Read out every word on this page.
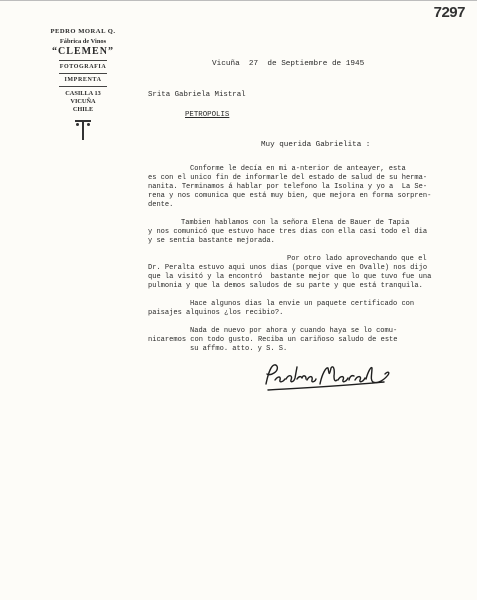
7297
PEDRO MORAL Q.
Fábrica de Vinos
“CLEMEN”
FOTOGRAFIA
IMPRENTA
CASILLA 13
VICUÑA
CHILE
Vicuña  27  de Septiembre de 1945
Srita Gabriela Mistral
PETROPOLIS
Muy querida Gabrielita :
Conforme le decía en mi a-nterior de anteayer, esta
es con el unico fin de informarle del estado de salud de su herma-
nanita. Terminamos á hablar por telefono la Isolina y yo a  La Se-
rena y nos comunica que está muy bien, que mejora en forma sorpren-
dente.
Tambien hablamos con la señora Elena de Bauer de Tapia
y nos comunicó que estuvo hace tres dias con ella casi todo el dia
y se sentía bastante mejorada.
Por otro lado aprovechando que el
Dr. Peralta estuvo aqui unos dias (porque vive en Ovalle) nos dijo
que la visitó y la encontró  bastante mejor que lo que tuvo fue una
pulmonia y que la demos saludos de su parte y que está tranquila.
Hace algunos dias la envie un paquete certificado con
paisajes alquinos ¿los recibio?.
Nada de nuevo por ahora y cuando haya se lo comu-
nicaremos con todo gusto. Reciba un cariñoso saludo de este
su affmo. atto. y S. S.
